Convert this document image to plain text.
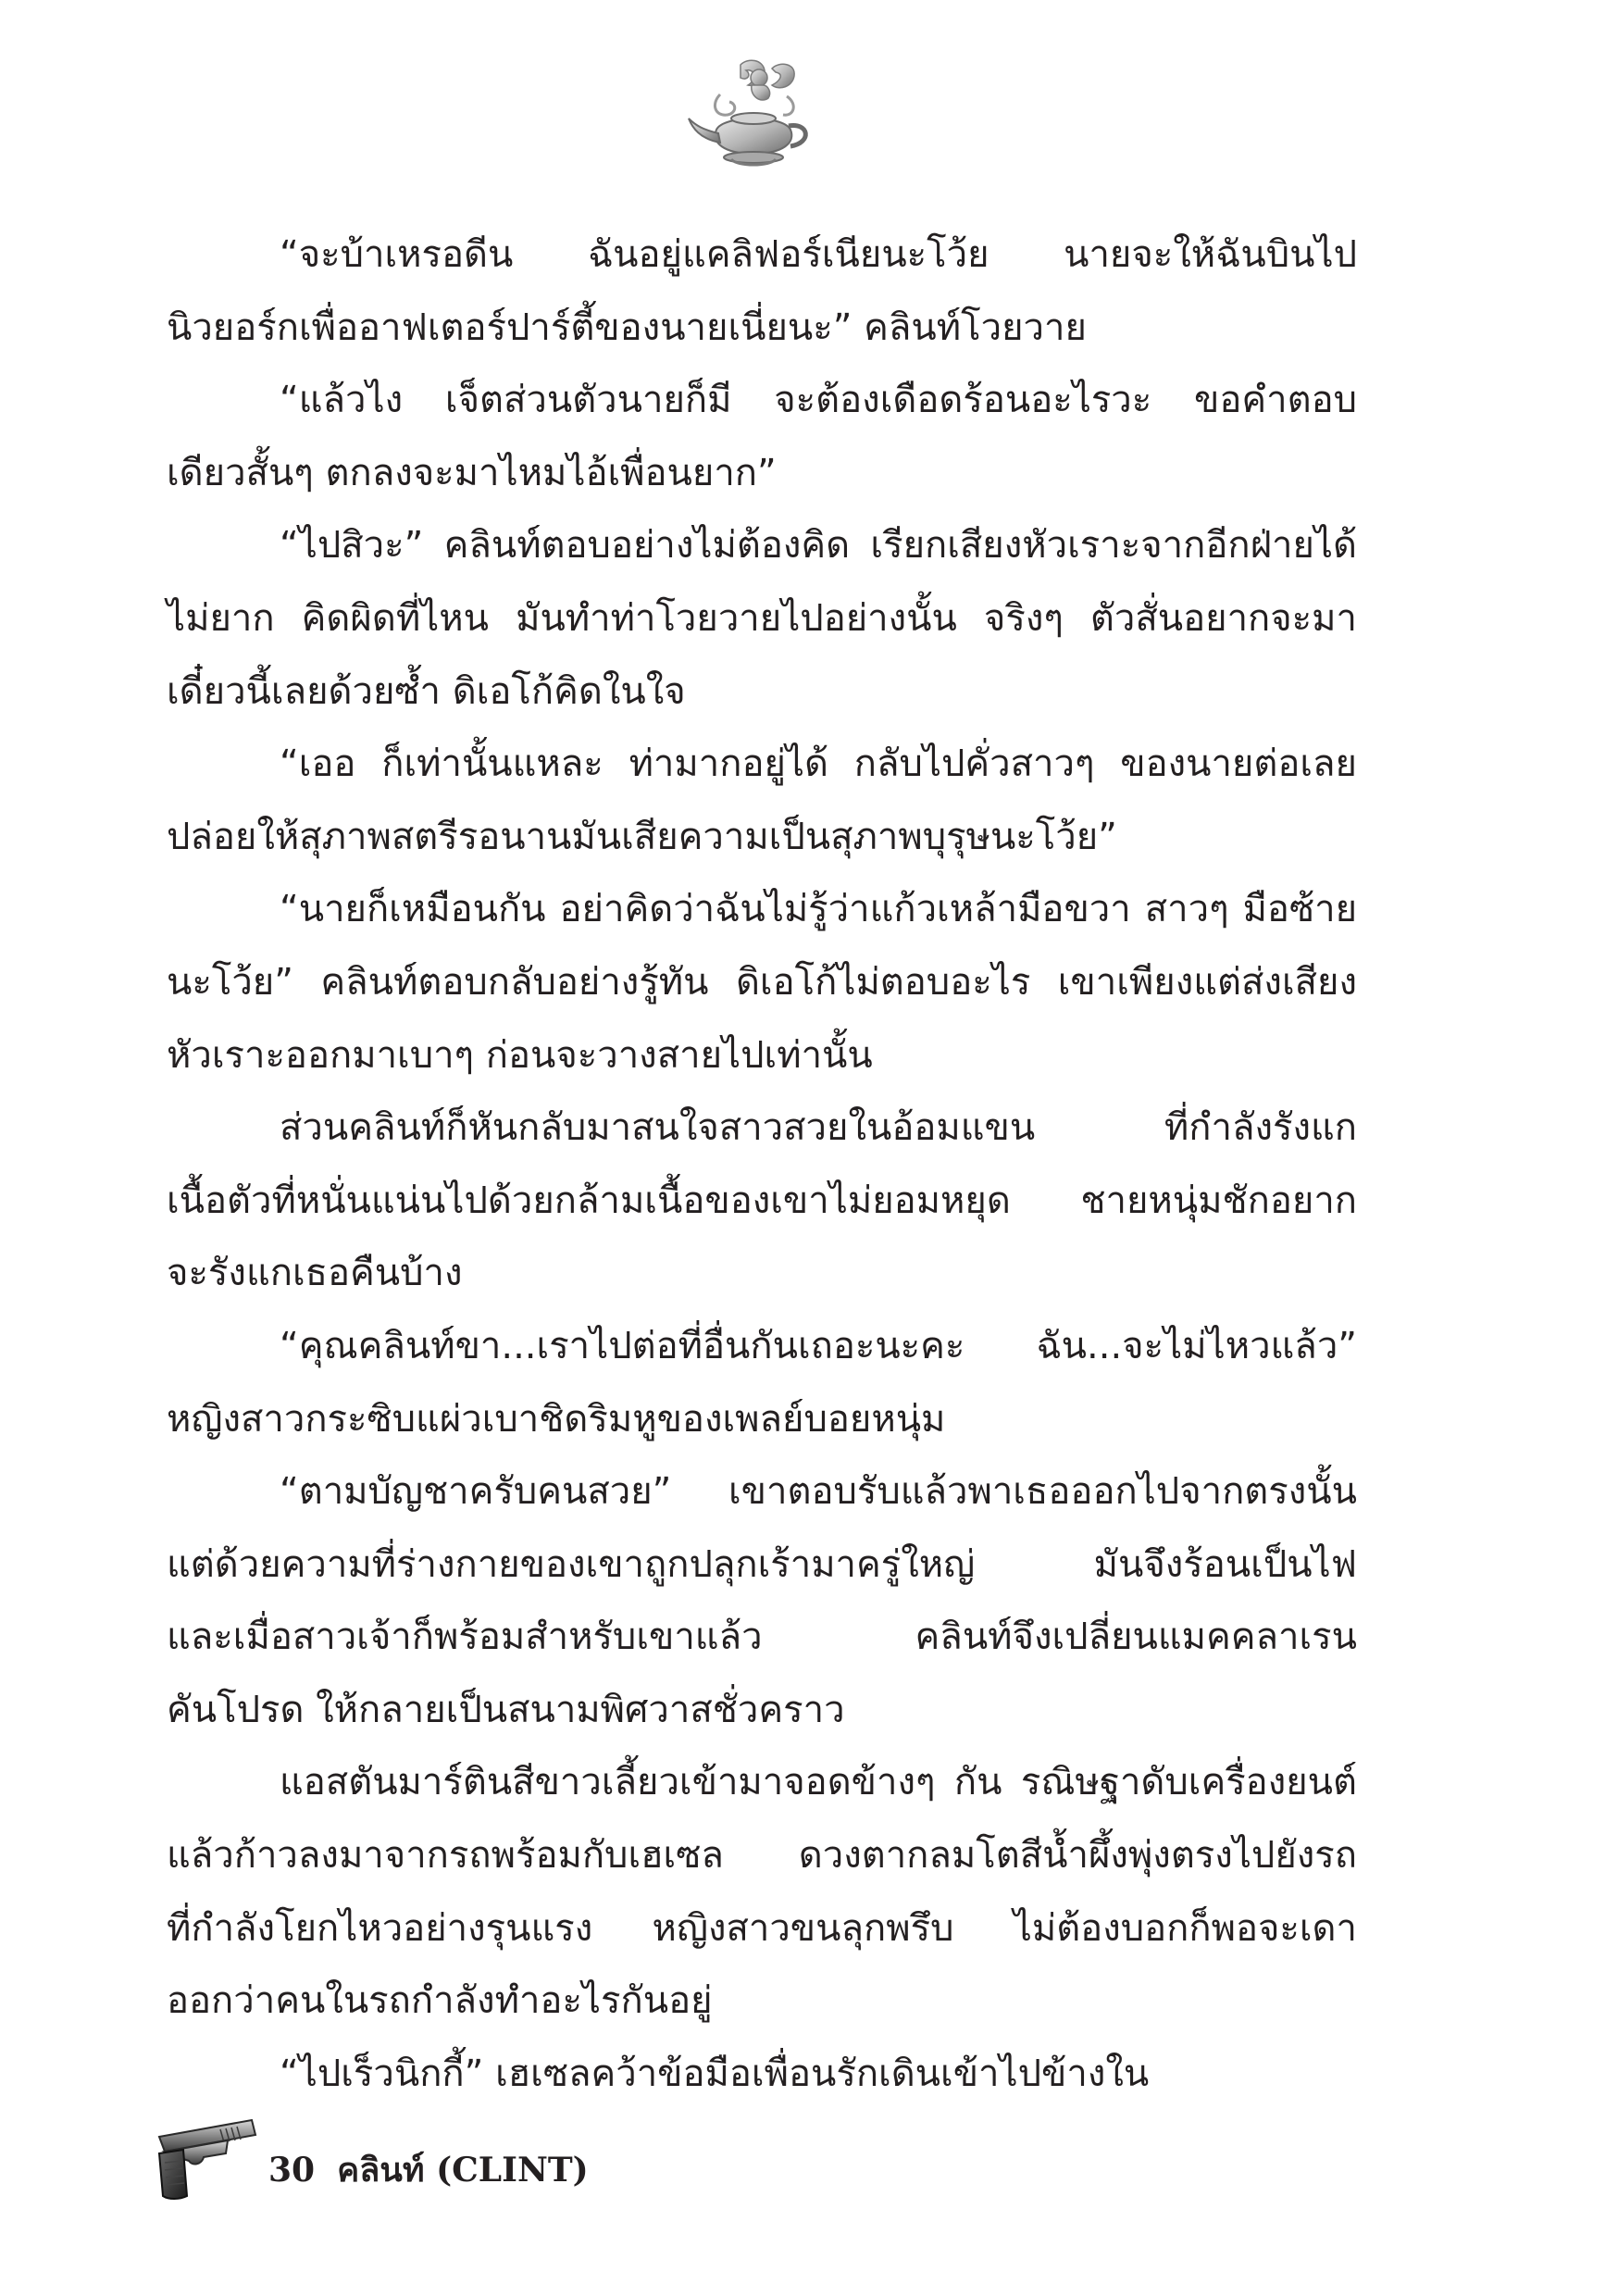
“จะบ้าเหรอดีน ฉันอยู่แคลิฟอร์เนียนะโว้ย นายจะให้ฉันบินไป
นิวยอร์กเพื่ออาฟเตอร์ปาร์ตี้ของนายเนี่ยนะ” คลินท์โวยวาย
“แล้วไง เจ็ตส่วนตัวนายก็มี จะต้องเดือดร้อนอะไรวะ ขอคำตอบ
เดียวสั้นๆ ตกลงจะมาไหมไอ้เพื่อนยาก”
“ไปสิวะ” คลินท์ตอบอย่างไม่ต้องคิด เรียกเสียงหัวเราะจากอีกฝ่ายได้
ไม่ยาก คิดผิดที่ไหน มันทำท่าโวยวายไปอย่างนั้น จริงๆ ตัวสั่นอยากจะมา
เดี๋ยวนี้เลยด้วยซ้ำ ดิเอโก้คิดในใจ
“เออ ก็เท่านั้นแหละ ท่ามากอยู่ได้ กลับไปคั่วสาวๆ ของนายต่อเลย
ปล่อยให้สุภาพสตรีรอนานมันเสียความเป็นสุภาพบุรุษนะโว้ย”
“นายก็เหมือนกัน อย่าคิดว่าฉันไม่รู้ว่าแก้วเหล้ามือขวา สาวๆ มือซ้าย
นะโว้ย” คลินท์ตอบกลับอย่างรู้ทัน ดิเอโก้ไม่ตอบอะไร เขาเพียงแต่ส่งเสียง
หัวเราะออกมาเบาๆ ก่อนจะวางสายไปเท่านั้น
ส่วนคลินท์ก็หันกลับมาสนใจสาวสวยในอ้อมแขน ที่กำลังรังแก
เนื้อตัวที่หนั่นแน่นไปด้วยกล้ามเนื้อของเขาไม่ยอมหยุด ชายหนุ่มชักอยาก
จะรังแกเธอคืนบ้าง
“คุณคลินท์ขา...เราไปต่อที่อื่นกันเถอะนะคะ ฉัน...จะไม่ไหวแล้ว”
หญิงสาวกระซิบแผ่วเบาชิดริมหูของเพลย์บอยหนุ่ม
“ตามบัญชาครับคนสวย” เขาตอบรับแล้วพาเธอออกไปจากตรงนั้น
แต่ด้วยความที่ร่างกายของเขาถูกปลุกเร้ามาครู่ใหญ่ มันจึงร้อนเป็นไฟ
และเมื่อสาวเจ้าก็พร้อมสำหรับเขาแล้ว คลินท์จึงเปลี่ยนแมคคลาเรน
คันโปรด ให้กลายเป็นสนามพิศวาสชั่วคราว
แอสตันมาร์ตินสีขาวเลี้ยวเข้ามาจอดข้างๆ กัน รณิษฐาดับเครื่องยนต์
แล้วก้าวลงมาจากรถพร้อมกับเฮเซล ดวงตากลมโตสีน้ำผึ้งพุ่งตรงไปยังรถ
ที่กำลังโยกไหวอย่างรุนแรง หญิงสาวขนลุกพรึบ ไม่ต้องบอกก็พอจะเดา
ออกว่าคนในรถกำลังทำอะไรกันอยู่
“ไปเร็วนิกกี้” เฮเซลคว้าข้อมือเพื่อนรักเดินเข้าไปข้างใน
30 คลินท์ (CLINT)
